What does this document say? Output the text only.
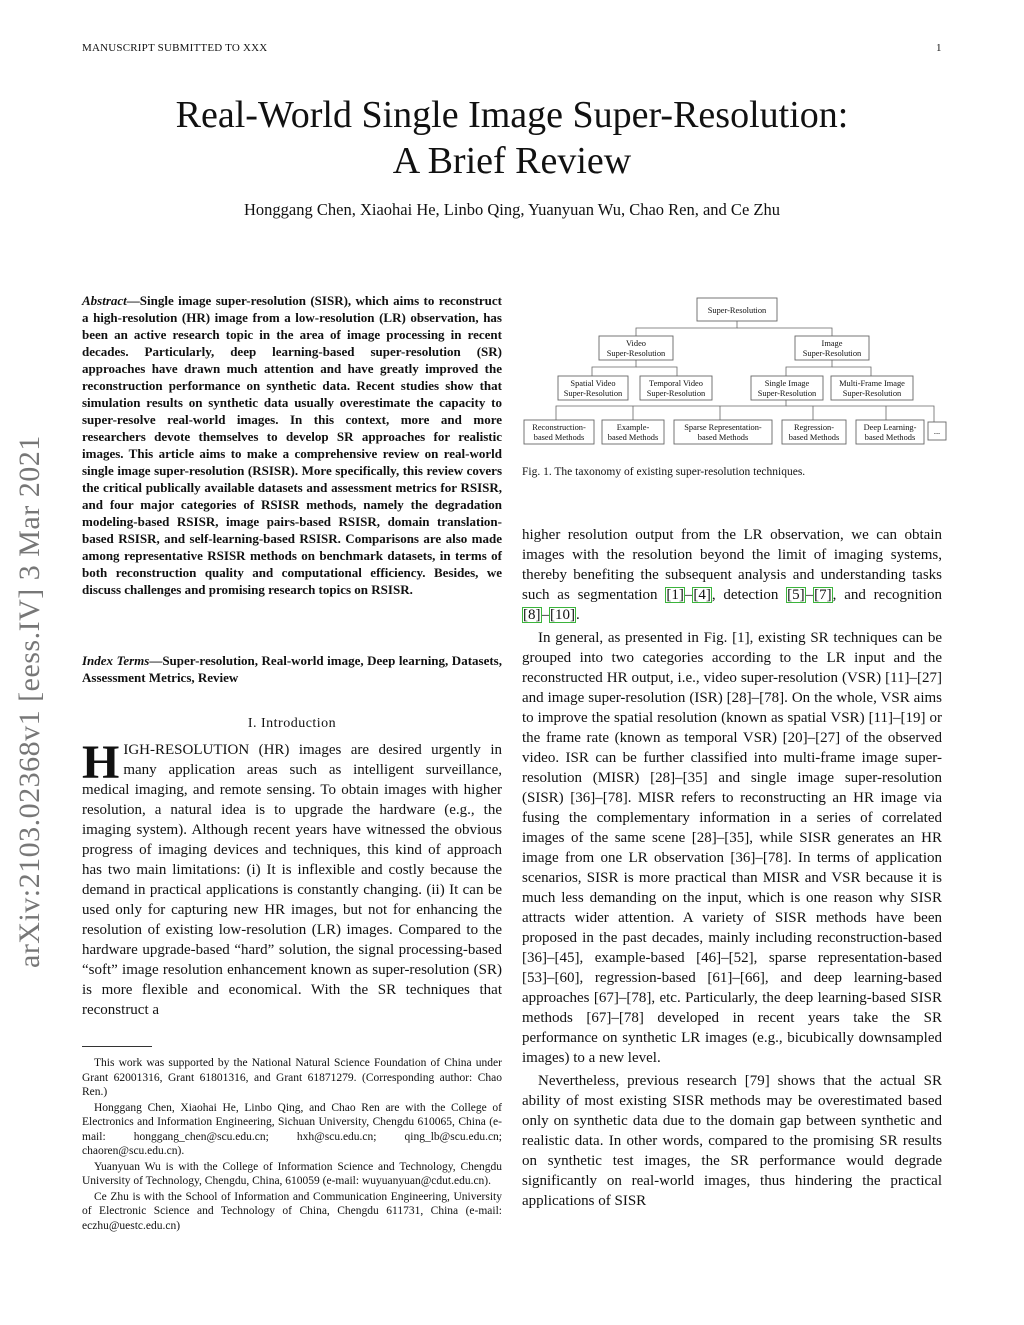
MANUSCRIPT SUBMITTED TO XXX	1
Real-World Single Image Super-Resolution:
A Brief Review
Honggang Chen, Xiaohai He, Linbo Qing, Yuanyuan Wu, Chao Ren, and Ce Zhu
arXiv:2103.02368v1 [eess.IV] 3 Mar 2021
Abstract—Single image super-resolution (SISR), which aims to reconstruct a high-resolution (HR) image from a low-resolution (LR) observation, has been an active research topic in the area of image processing in recent decades. Particularly, deep learning-based super-resolution (SR) approaches have drawn much attention and have greatly improved the reconstruction performance on synthetic data. Recent studies show that simulation results on synthetic data usually overestimate the capacity to super-resolve real-world images. In this context, more and more researchers devote themselves to develop SR approaches for realistic images. This article aims to make a comprehensive review on real-world single image super-resolution (RSISR). More specifically, this review covers the critical publically available datasets and assessment metrics for RSISR, and four major categories of RSISR methods, namely the degradation modeling-based RSISR, image pairs-based RSISR, domain translation-based RSISR, and self-learning-based RSISR. Comparisons are also made among representative RSISR methods on benchmark datasets, in terms of both reconstruction quality and computational efficiency. Besides, we discuss challenges and promising research topics on RSISR.
Index Terms—Super-resolution, Real-world image, Deep learning, Datasets, Assessment Metrics, Review
I. Introduction
HIGH-RESOLUTION (HR) images are desired urgently in many application areas such as intelligent surveillance, medical imaging, and remote sensing. To obtain images with higher resolution, a natural idea is to upgrade the hardware (e.g., the imaging system). Although recent years have witnessed the obvious progress of imaging devices and techniques, this kind of approach has two main limitations: (i) It is inflexible and costly because the demand in practical applications is constantly changing. (ii) It can be used only for capturing new HR images, but not for enhancing the resolution of existing low-resolution (LR) images. Compared to the hardware upgrade-based “hard” solution, the signal processing-based “soft” image resolution enhancement known as super-resolution (SR) is more flexible and economical. With the SR techniques that reconstruct a

This work was supported by the National Natural Science Foundation of China under Grant 62001316, Grant 61801316, and Grant 61871279. (Corresponding author: Chao Ren.)

Honggang Chen, Xiaohai He, Linbo Qing, and Chao Ren are with the College of Electronics and Information Engineering, Sichuan University, Chengdu 610065, China (e-mail: honggang_chen@scu.edu.cn; hxh@scu.edu.cn; qing_lb@scu.edu.cn; chaoren@scu.edu.cn).

Yuanyuan Wu is with the College of Information Science and Technology, Chengdu University of Technology, Chengdu, China, 610059 (e-mail: wuyuanyuan@cdut.edu.cn).

Ce Zhu is with the School of Information and Communication Engineering, University of Electronic Science and Technology of China, Chengdu 611731, China (e-mail: eczhu@uestc.edu.cn)

Super-Resolution
Video
Super-Resolution
Image
Super-Resolution
Spatial Video
Super-Resolution
Temporal Video
Super-Resolution
Single Image
Super-Resolution
Multi-Frame Image
Super-Resolution
Reconstruction-
based Methods
Example-
based Methods
Sparse Representation-
based Methods
Regression-
based Methods
Deep Learning-
based Methods
...
Fig. 1. The taxonomy of existing super-resolution techniques.

higher resolution output from the LR observation, we can obtain images with the resolution beyond the limit of imaging systems, thereby benefiting the subsequent analysis and understanding tasks such as segmentation [1]–[4], detection [5]–[7], and recognition [8]–[10].

In general, as presented in Fig. [1], existing SR techniques can be grouped into two categories according to the LR input and the reconstructed HR output, i.e., video super-resolution (VSR) [11]–[27] and image super-resolution (ISR) [28]–[78]. On the whole, VSR aims to improve the spatial resolution (known as spatial VSR) [11]–[19] or the frame rate (known as temporal VSR) [20]–[27] of the observed video. ISR can be further classified into multi-frame image super-resolution (MISR) [28]–[35] and single image super-resolution (SISR) [36]–[78]. MISR refers to reconstructing an HR image via fusing the complementary information in a series of correlated images of the same scene [28]–[35], while SISR generates an HR image from one LR observation [36]–[78]. In terms of application scenarios, SISR is more practical than MISR and VSR because it is much less demanding on the input, which is one reason why SISR attracts wider attention. A variety of SISR methods have been proposed in the past decades, mainly including reconstruction-based [36]–[45], example-based [46]–[52], sparse representation-based [53]–[60], regression-based [61]–[66], and deep learning-based approaches [67]–[78], etc. Particularly, the deep learning-based SISR methods [67]–[78] developed in recent years take the SR performance on synthetic LR images (e.g., bicubically downsampled images) to a new level.

Nevertheless, previous research [79] shows that the actual SR ability of most existing SISR methods may be overestimated based only on synthetic data due to the domain gap between synthetic and realistic data. In other words, compared to the promising SR results on synthetic test images, the SR performance would degrade significantly on real-world images, thus hindering the practical applications of SISR
